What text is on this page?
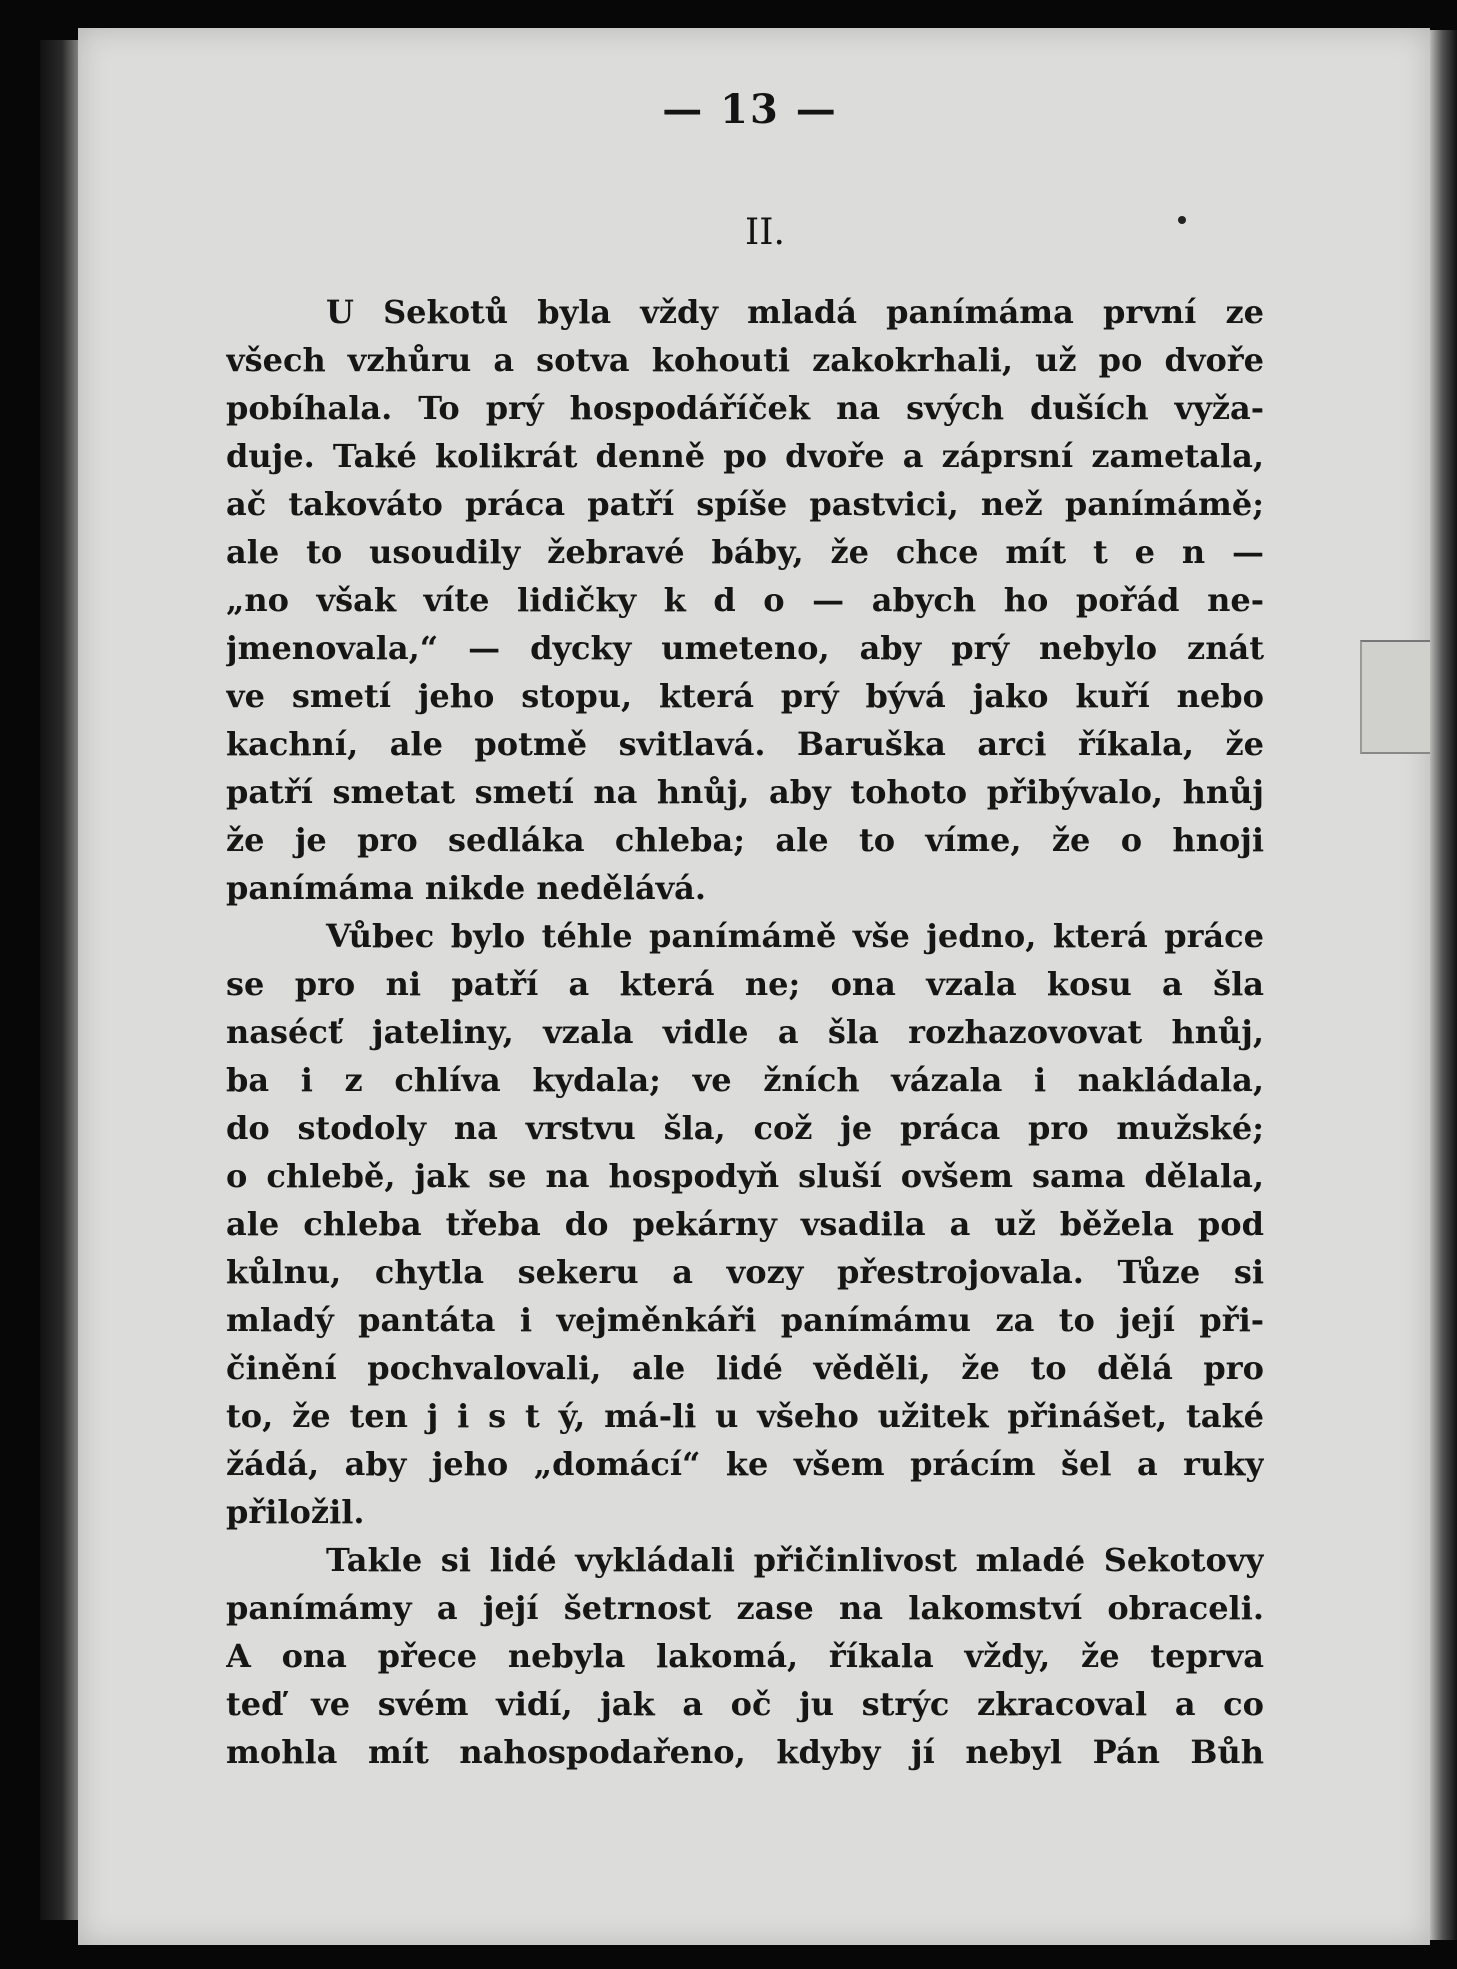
— 13 —
II.
U Sekotů byla vždy mladá panímáma první ze
všech vzhůru a sotva kohouti zakokrhali, už po dvoře
pobíhala. To prý hospodáříček na svých duších vyža-
duje. Také kolikrát denně po dvoře a záprsní zametala,
ač takováto práca patří spíše pastvici, než panímámě;
ale to usoudily žebravé báby, že chce mít t e n —
„no však víte lidičky k d o — abych ho pořád ne-
jmenovala,“ — dycky umeteno, aby prý nebylo znát
ve smetí jeho stopu, která prý bývá jako kuří nebo
kachní, ale potmě svitlavá. Baruška arci říkala, že
patří smetat smetí na hnůj, aby tohoto přibývalo, hnůj
že je pro sedláka chleba; ale to víme, že o hnoji
panímáma nikde nedělává.
Vůbec bylo téhle panímámě vše jedno, která práce
se pro ni patří a která ne; ona vzala kosu a šla
nasécť jateliny, vzala vidle a šla rozhazovovat hnůj,
ba i z chlíva kydala; ve žních vázala i nakládala,
do stodoly na vrstvu šla, což je práca pro mužské;
o chlebě, jak se na hospodyň sluší ovšem sama dělala,
ale chleba třeba do pekárny vsadila a už běžela pod
kůlnu, chytla sekeru a vozy přestrojovala. Tůze si
mladý pantáta i vejměnkáři panímámu za to její při-
činění pochvalovali, ale lidé věděli, že to dělá pro
to, že ten j i s t ý, má-li u všeho užitek přinášet, také
žádá, aby jeho „domácí“ ke všem prácím šel a ruky
přiložil.
Takle si lidé vykládali přičinlivost mladé Sekotovy
panímámy a její šetrnost zase na lakomství obraceli.
A ona přece nebyla lakomá, říkala vždy, že teprva
teď ve svém vidí, jak a oč ju strýc zkracoval a co
mohla mít nahospodařeno, kdyby jí nebyl Pán Bůh
